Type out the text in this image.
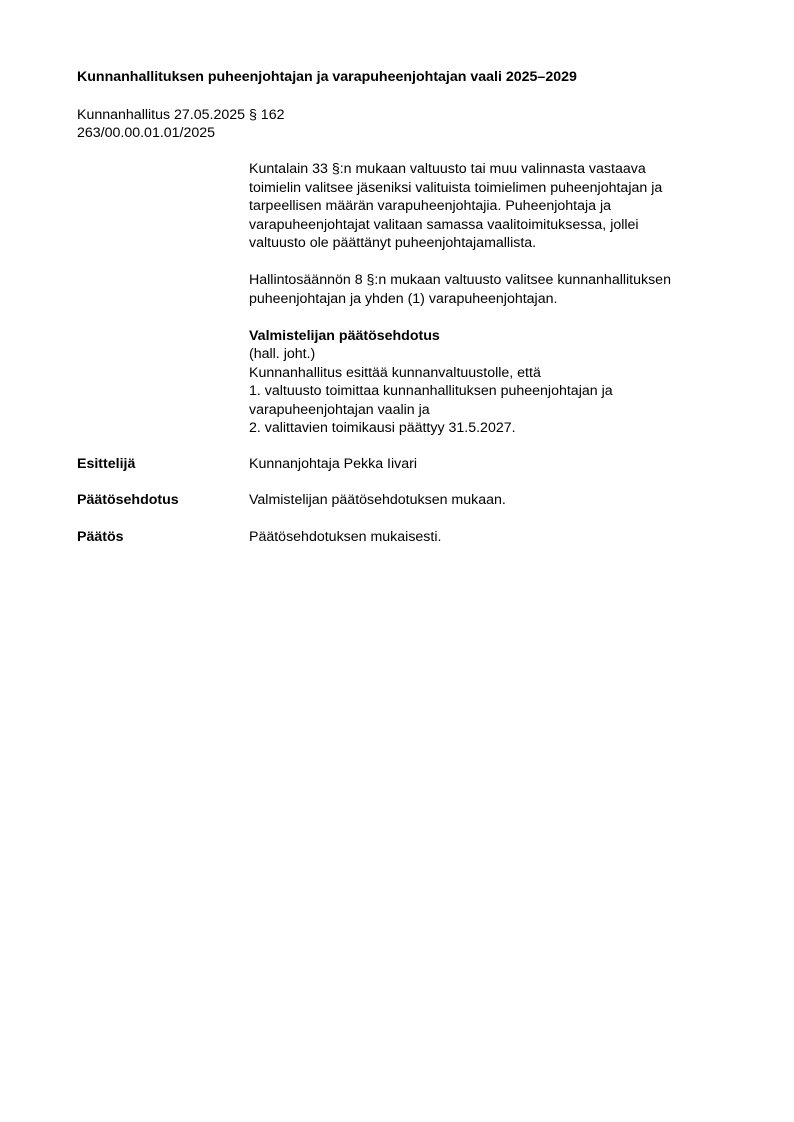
Kunnanhallituksen puheenjohtajan ja varapuheenjohtajan vaali 2025–2029
Kunnanhallitus 27.05.2025 § 162
263/00.00.01.01/2025
Kuntalain 33 §:n mukaan valtuusto tai muu valinnasta vastaava
toimielin valitsee jäseniksi valituista toimielimen puheenjohtajan ja
tarpeellisen määrän varapuheenjohtajia. Puheenjohtaja ja
varapuheenjohtajat valitaan samassa vaalitoimituksessa, jollei
valtuusto ole päättänyt puheenjohtajamallista.
Hallintosäännön 8 §:n mukaan valtuusto valitsee kunnanhallituksen
puheenjohtajan ja yhden (1) varapuheenjohtajan.
Valmistelijan päätösehdotus
(hall. joht.)
Kunnanhallitus esittää kunnanvaltuustolle, että
1. valtuusto toimittaa kunnanhallituksen puheenjohtajan ja
varapuheenjohtajan vaalin ja
2. valittavien toimikausi päättyy 31.5.2027.
Esittelijä	Kunnanjohtaja Pekka Iivari
Päätösehdotus	Valmistelijan päätösehdotuksen mukaan.
Päätös	Päätösehdotuksen mukaisesti.
